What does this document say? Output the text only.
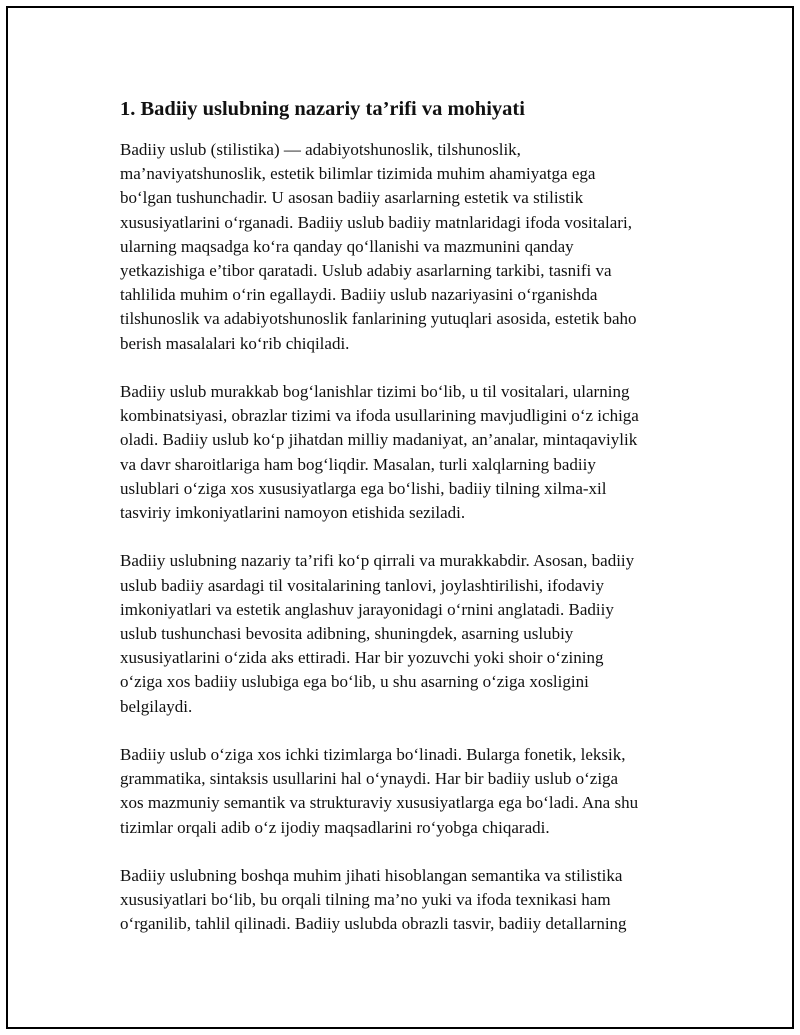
1. Badiiy uslubning nazariy ta’rifi va mohiyati

Badiiy uslub (stilistika) — adabiyotshunoslik, tilshunoslik,
ma’naviyatshunoslik, estetik bilimlar tizimida muhim ahamiyatga ega
bo‘lgan tushunchadir. U asosan badiiy asarlarning estetik va stilistik
xususiyatlarini o‘rganadi. Badiiy uslub badiiy matnlaridagi ifoda vositalari,
ularning maqsadga ko‘ra qanday qo‘llanishi va mazmunini qanday
yetkazishiga e’tibor qaratadi. Uslub adabiy asarlarning tarkibi, tasnifi va
tahlilida muhim o‘rin egallaydi. Badiiy uslub nazariyasini o‘rganishda
tilshunoslik va adabiyotshunoslik fanlarining yutuqlari asosida, estetik baho
berish masalalari ko‘rib chiqiladi.

Badiiy uslub murakkab bog‘lanishlar tizimi bo‘lib, u til vositalari, ularning
kombinatsiyasi, obrazlar tizimi va ifoda usullarining mavjudligini o‘z ichiga
oladi. Badiiy uslub ko‘p jihatdan milliy madaniyat, an’analar, mintaqaviylik
va davr sharoitlariga ham bog‘liqdir. Masalan, turli xalqlarning badiiy
uslublari o‘ziga xos xususiyatlarga ega bo‘lishi, badiiy tilning xilma-xil
tasviriy imkoniyatlarini namoyon etishida seziladi.

Badiiy uslubning nazariy ta’rifi ko‘p qirrali va murakkabdir. Asosan, badiiy
uslub badiiy asardagi til vositalarining tanlovi, joylashtirilishi, ifodaviy
imkoniyatlari va estetik anglashuv jarayonidagi o‘rnini anglatadi. Badiiy
uslub tushunchasi bevosita adibning, shuningdek, asarning uslubiy
xususiyatlarini o‘zida aks ettiradi. Har bir yozuvchi yoki shoir o‘zining
o‘ziga xos badiiy uslubiga ega bo‘lib, u shu asarning o‘ziga xosligini
belgilaydi.

Badiiy uslub o‘ziga xos ichki tizimlarga bo‘linadi. Bularga fonetik, leksik,
grammatika, sintaksis usullarini hal o‘ynaydi. Har bir badiiy uslub o‘ziga
xos mazmuniy semantik va strukturaviy xususiyatlarga ega bo‘ladi. Ana shu
tizimlar orqali adib o‘z ijodiy maqsadlarini ro‘yobga chiqaradi.

Badiiy uslubning boshqa muhim jihati hisoblangan semantika va stilistika
xususiyatlari bo‘lib, bu orqali tilning ma’no yuki va ifoda texnikasi ham
o‘rganilib, tahlil qilinadi. Badiiy uslubda obrazli tasvir, badiiy detallarning
